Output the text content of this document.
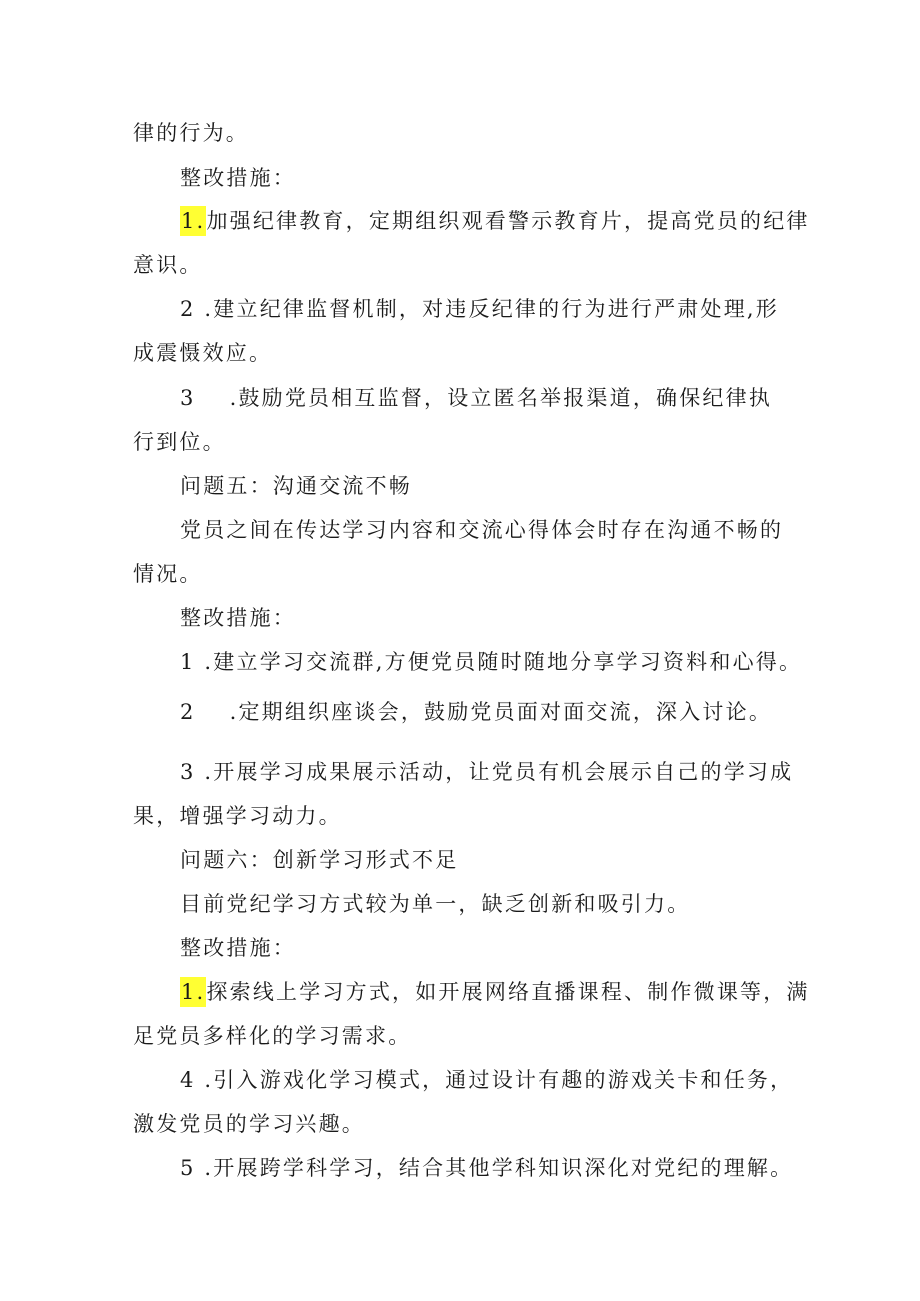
律的行为。
整改措施：
1.加强纪律教育，定期组织观看警示教育片，提高党员的纪律
意识。
2 .建立纪律监督机制，对违反纪律的行为进行严肃处理,形
成震慑效应。
3 .鼓励党员相互监督，设立匿名举报渠道，确保纪律执
行到位。
问题五：沟通交流不畅
党员之间在传达学习内容和交流心得体会时存在沟通不畅的
情况。
整改措施：
1 .建立学习交流群,方便党员随时随地分享学习资料和心得。
2 .定期组织座谈会，鼓励党员面对面交流，深入讨论。
3 .开展学习成果展示活动，让党员有机会展示自己的学习成
果，增强学习动力。
问题六：创新学习形式不足
目前党纪学习方式较为单一，缺乏创新和吸引力。
整改措施：
1.探索线上学习方式，如开展网络直播课程、制作微课等，满
足党员多样化的学习需求。
4 .引入游戏化学习模式，通过设计有趣的游戏关卡和任务，
激发党员的学习兴趣。
5 .开展跨学科学习，结合其他学科知识深化对党纪的理解。
